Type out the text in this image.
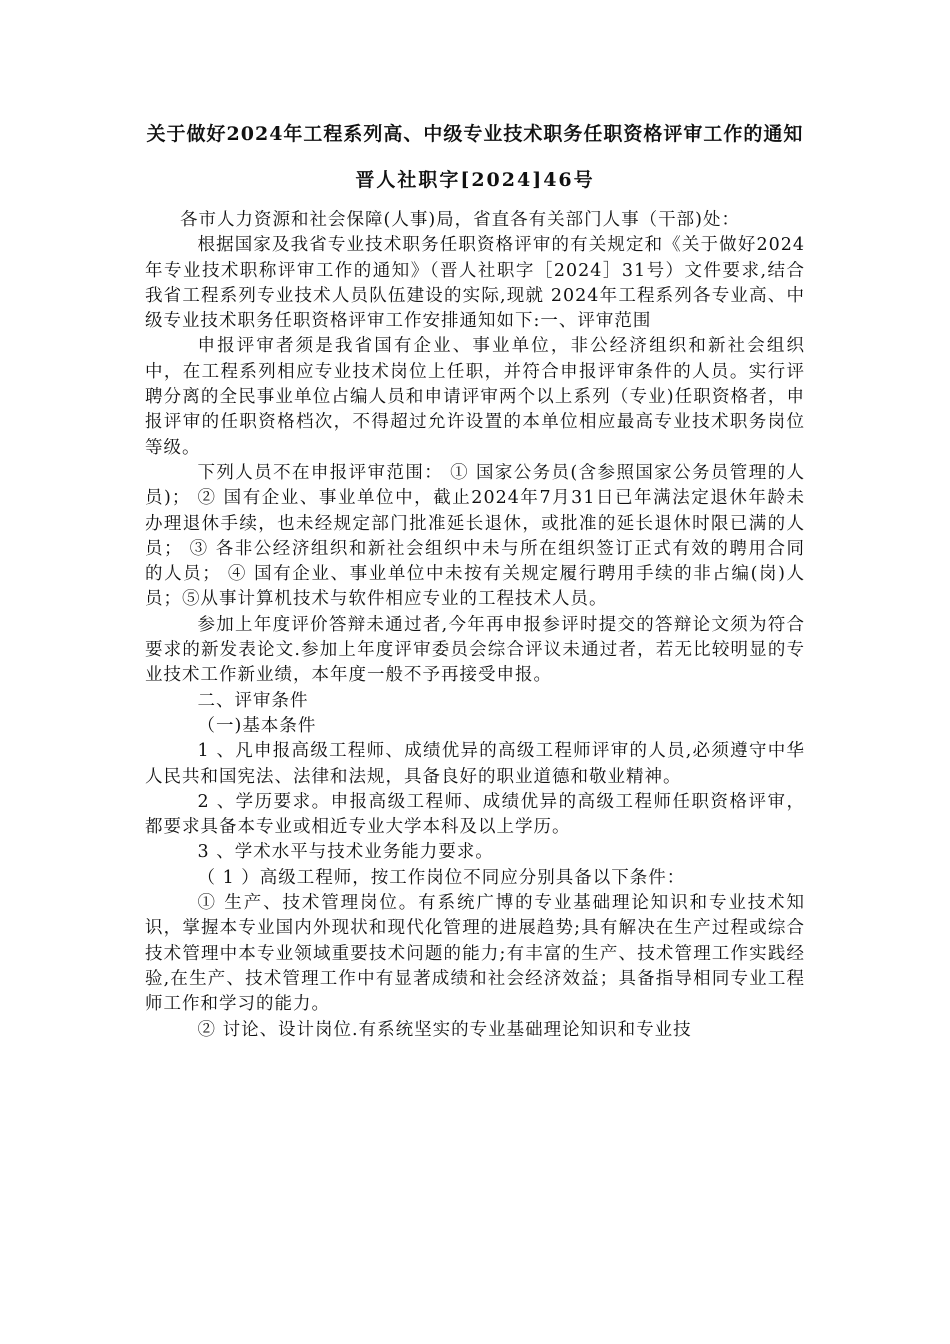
关于做好2024年工程系列高、中级专业技术职务任职资格评审工作的通知
晋人社职字[2024]46号

各市人力资源和社会保障(人事)局，省直各有关部门人事（干部)处：

根据国家及我省专业技术职务任职资格评审的有关规定和《关于做好2024年专业技术职称评审工作的通知》（晋人社职字［2024］31号）文件要求,结合我省工程系列专业技术人员队伍建设的实际,现就 2024年工程系列各专业高、中级专业技术职务任职资格评审工作安排通知如下:一、评审范围

申报评审者须是我省国有企业、事业单位，非公经济组织和新社会组织中，在工程系列相应专业技术岗位上任职，并符合申报评审条件的人员。实行评聘分离的全民事业单位占编人员和申请评审两个以上系列（专业)任职资格者，申报评审的任职资格档次，不得超过允许设置的本单位相应最高专业技术职务岗位等级。

下列人员不在申报评审范围： ① 国家公务员(含参照国家公务员管理的人员)； ② 国有企业、事业单位中，截止2024年7月31日已年满法定退休年龄未办理退休手续，也未经规定部门批准延长退休，或批准的延长退休时限已满的人员； ③ 各非公经济组织和新社会组织中未与所在组织签订正式有效的聘用合同的人员； ④ 国有企业、事业单位中未按有关规定履行聘用手续的非占编(岗)人员；⑤从事计算机技术与软件相应专业的工程技术人员。

参加上年度评价答辩未通过者,今年再申报参评时提交的答辩论文须为符合要求的新发表论文.参加上年度评审委员会综合评议未通过者，若无比较明显的专业技术工作新业绩，本年度一般不予再接受申报。

二、评审条件

（一)基本条件

1 、凡申报高级工程师、成绩优异的高级工程师评审的人员,必须遵守中华人民共和国宪法、法律和法规，具备良好的职业道德和敬业精神。

2 、学历要求。申报高级工程师、成绩优异的高级工程师任职资格评审，都要求具备本专业或相近专业大学本科及以上学历。

3 、学术水平与技术业务能力要求。

（ 1 ）高级工程师，按工作岗位不同应分别具备以下条件：

① 生产、技术管理岗位。有系统广博的专业基础理论知识和专业技术知识，掌握本专业国内外现状和现代化管理的进展趋势;具有解决在生产过程或综合技术管理中本专业领域重要技术问题的能力;有丰富的生产、技术管理工作实践经验,在生产、技术管理工作中有显著成绩和社会经济效益；具备指导相同专业工程师工作和学习的能力。

② 讨论、设计岗位.有系统坚实的专业基础理论知识和专业技
